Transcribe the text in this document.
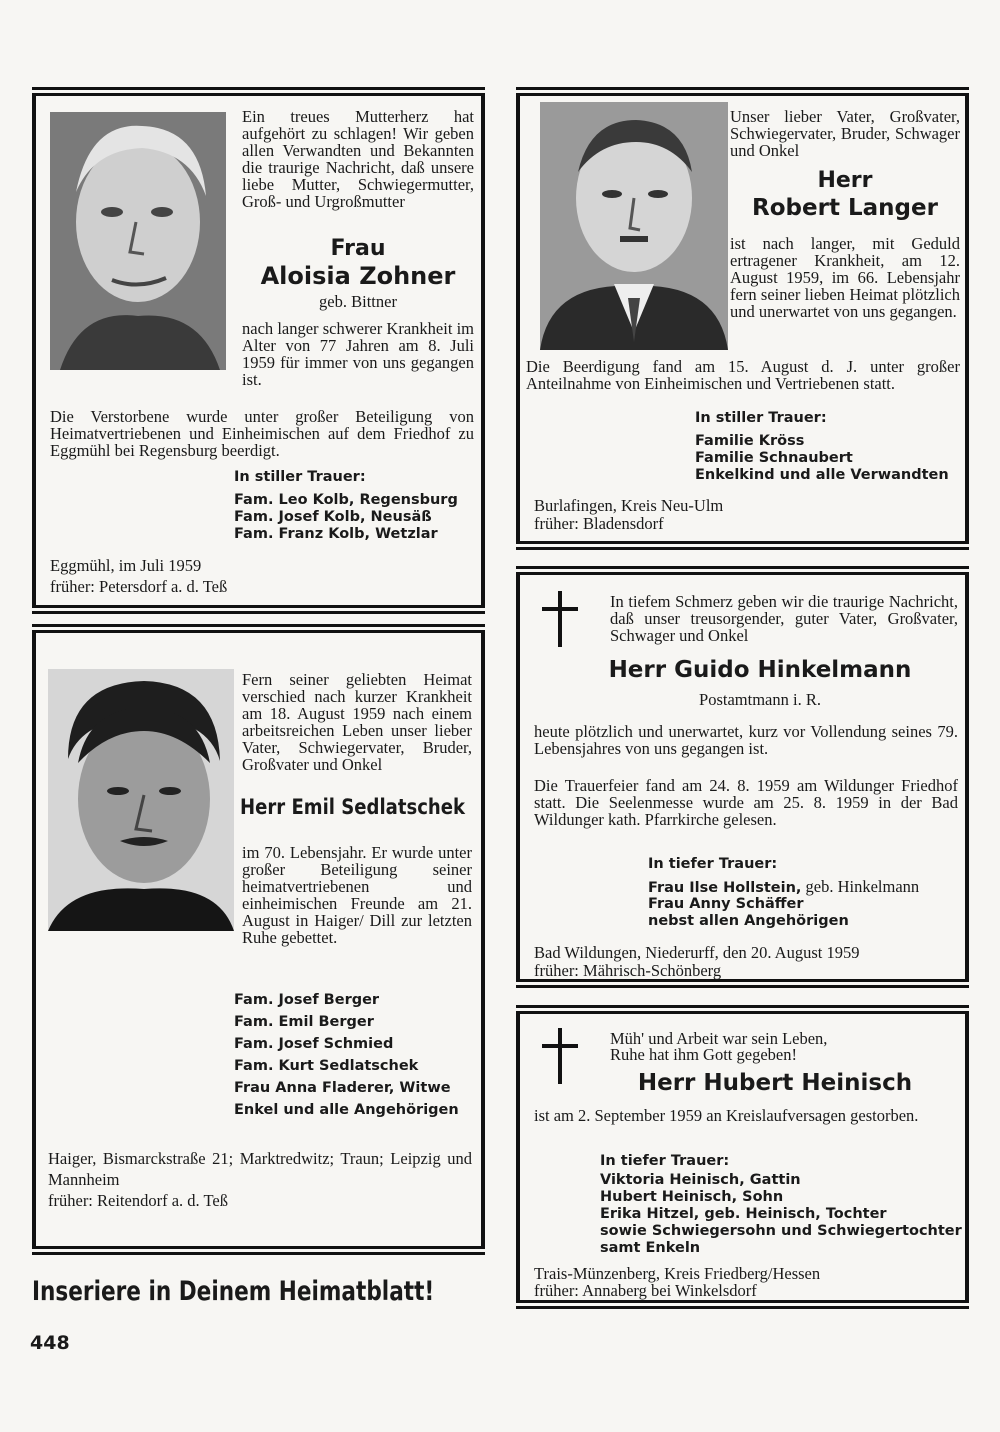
Ein treues Mutterherz hat aufgehört zu schlagen! Wir geben allen Verwandten und Bekannten die traurige Nachricht, daß unsere liebe Mutter, Schwiegermutter, Groß- und Urgroßmutter
Frau
Aloisia Zohner
geb. Bittner
nach langer schwerer Krankheit im Alter von 77 Jahren am 8. Juli 1959 für immer von uns gegangen ist.
Die Verstorbene wurde unter großer Beteiligung von Heimatvertriebenen und Einheimischen auf dem Friedhof zu Eggmühl bei Regensburg beerdigt.
In stiller Trauer:
Fam. Leo Kolb, Regensburg
Fam. Josef Kolb, Neusäß
Fam. Franz Kolb, Wetzlar
Eggmühl, im Juli 1959
früher: Petersdorf a. d. Teß
Unser lieber Vater, Großvater, Schwiegervater, Bruder, Schwager und Onkel
Herr
Robert Langer
ist nach langer, mit Geduld ertragener Krankheit, am 12. August 1959, im 66. Lebensjahr fern seiner lieben Heimat plötzlich und unerwartet von uns gegangen.
Die Beerdigung fand am 15. August d. J. unter großer Anteilnahme von Einheimischen und Vertriebenen statt.
In stiller Trauer:
Familie Kröss
Familie Schnaubert
Enkelkind und alle Verwandten
Burlafingen, Kreis Neu-Ulm
früher: Bladensdorf
Fern seiner geliebten Heimat verschied nach kurzer Krankheit am 18. August 1959 nach einem arbeitsreichen Leben unser lieber Vater, Schwiegervater, Bruder, Großvater und Onkel
Herr Emil Sedlatschek
im 70. Lebensjahr. Er wurde unter großer Beteiligung seiner heimatvertriebenen und einheimischen Freunde am 21. August in Haiger/ Dill zur letzten Ruhe gebettet.
Fam. Josef Berger
Fam. Emil Berger
Fam. Josef Schmied
Fam. Kurt Sedlatschek
Frau Anna Fladerer, Witwe
Enkel und alle Angehörigen
Haiger, Bismarckstraße 21; Marktredwitz; Traun; Leipzig und Mannheim
früher: Reitendorf a. d. Teß
In tiefem Schmerz geben wir die traurige Nachricht, daß unser treusorgender, guter Vater, Großvater, Schwager und Onkel
Herr Guido Hinkelmann
Postamtmann i. R.
heute plötzlich und unerwartet, kurz vor Vollendung seines 79. Lebensjahres von uns gegangen ist.
Die Trauerfeier fand am 24. 8. 1959 am Wildunger Friedhof statt. Die Seelenmesse wurde am 25. 8. 1959 in der Bad Wildunger kath. Pfarrkirche gelesen.
In tiefer Trauer:
Frau Ilse Hollstein, geb. Hinkelmann
Frau Anny Schäffer
nebst allen Angehörigen
Bad Wildungen, Niederurff, den 20. August 1959
früher: Mährisch-Schönberg
Müh' und Arbeit war sein Leben,
Ruhe hat ihm Gott gegeben!
Herr Hubert Heinisch
ist am 2. September 1959 an Kreislaufversagen gestorben.
In tiefer Trauer:
Viktoria Heinisch, Gattin
Hubert Heinisch, Sohn
Erika Hitzel, geb. Heinisch, Tochter
sowie Schwiegersohn und Schwiegertochter
samt Enkeln
Trais-Münzenberg, Kreis Friedberg/Hessen
früher: Annaberg bei Winkelsdorf
Inseriere in Deinem Heimatblatt!
448
